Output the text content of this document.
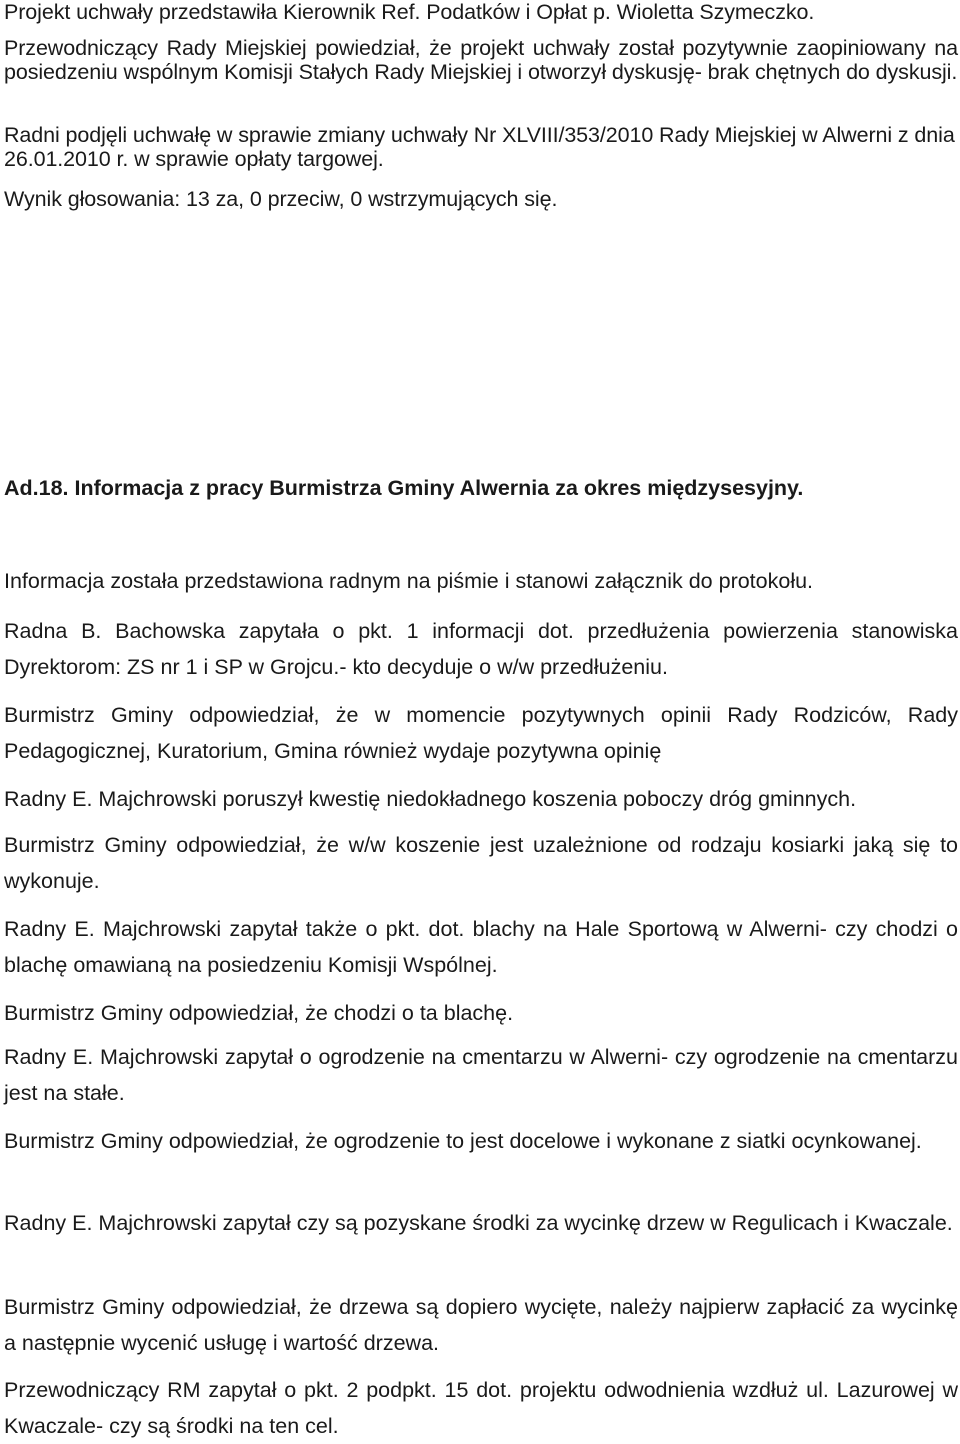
Projekt uchwały przedstawiła Kierownik Ref. Podatków i Opłat p. Wioletta Szymeczko.

Przewodniczący Rady Miejskiej powiedział, że projekt uchwały został pozytywnie zaopiniowany na posiedzeniu wspólnym Komisji Stałych Rady Miejskiej i otworzył dyskusję- brak chętnych do dyskusji.

Radni podjęli uchwałę w sprawie zmiany uchwały Nr XLVIII/353/2010 Rady Miejskiej w Alwerni z dnia 26.01.2010 r. w sprawie opłaty targowej.

Wynik głosowania: 13 za, 0 przeciw, 0 wstrzymujących się.

Ad.18. Informacja z pracy Burmistrza Gminy Alwernia za okres międzysesyjny.

Informacja została przedstawiona radnym na piśmie i stanowi załącznik do protokołu.

Radna B. Bachowska zapytała o pkt. 1 informacji dot. przedłużenia powierzenia stanowiska Dyrektorom: ZS nr 1 i SP w Grojcu.- kto decyduje o w/w przedłużeniu.

Burmistrz Gminy odpowiedział, że w momencie pozytywnych opinii Rady Rodziców, Rady Pedagogicznej, Kuratorium, Gmina również wydaje pozytywna opinię

Radny E. Majchrowski poruszył kwestię niedokładnego koszenia poboczy dróg gminnych.

Burmistrz Gminy odpowiedział, że w/w koszenie jest uzależnione od rodzaju kosiarki jaką się to wykonuje.

Radny E. Majchrowski zapytał także o pkt. dot. blachy na Hale Sportową w Alwerni- czy chodzi o blachę omawianą na posiedzeniu Komisji Wspólnej.

Burmistrz Gminy odpowiedział, że chodzi o ta blachę.

Radny E. Majchrowski zapytał o ogrodzenie na cmentarzu w Alwerni- czy ogrodzenie na cmentarzu jest na stałe.

Burmistrz Gminy odpowiedział, że ogrodzenie to jest docelowe i wykonane z siatki ocynkowanej.

Radny E. Majchrowski zapytał czy są pozyskane środki za wycinkę drzew w Regulicach i Kwaczale.

Burmistrz Gminy odpowiedział, że drzewa są dopiero wycięte, należy najpierw zapłacić za wycinkę a następnie wycenić usługę i wartość drzewa.

Przewodniczący RM zapytał o pkt. 2 podpkt. 15 dot. projektu odwodnienia wzdłuż ul. Lazurowej w Kwaczale- czy są środki na ten cel.
